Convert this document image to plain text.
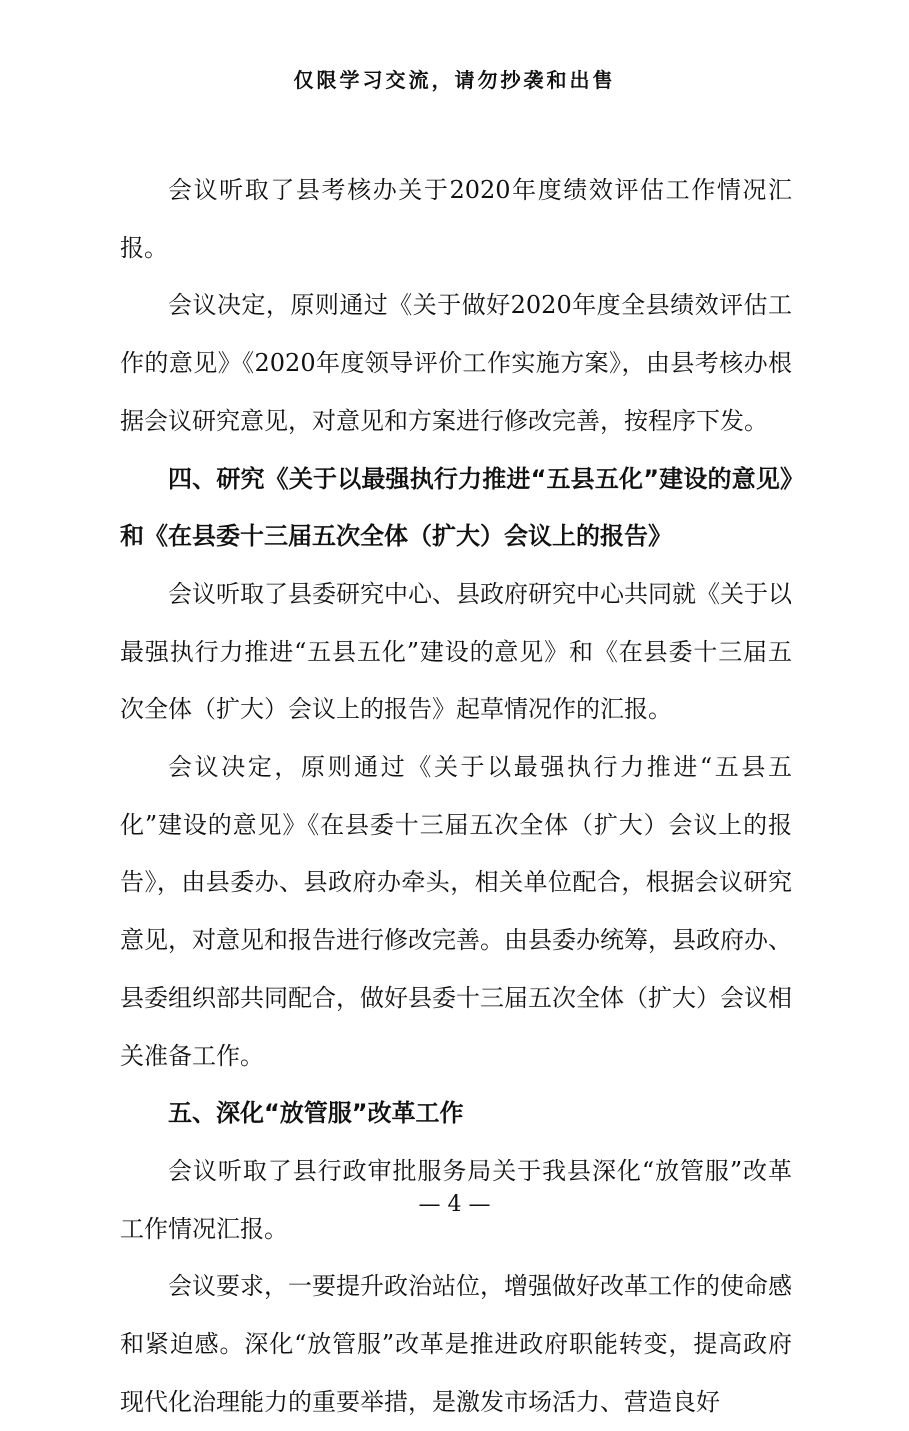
仅限学习交流，请勿抄袭和出售

会议听取了县考核办关于2020年度绩效评估工作情况汇报。

会议决定，原则通过《关于做好2020年度全县绩效评估工作的意见》《2020年度领导评价工作实施方案》，由县考核办根据会议研究意见，对意见和方案进行修改完善，按程序下发。

四、研究《关于以最强执行力推进“五县五化”建设的意见》和《在县委十三届五次全体（扩大）会议上的报告》

会议听取了县委研究中心、县政府研究中心共同就《关于以最强执行力推进“五县五化”建设的意见》和《在县委十三届五次全体（扩大）会议上的报告》起草情况作的汇报。

会议决定，原则通过《关于以最强执行力推进“五县五化”建设的意见》《在县委十三届五次全体（扩大）会议上的报告》，由县委办、县政府办牵头，相关单位配合，根据会议研究意见，对意见和报告进行修改完善。由县委办统筹，县政府办、县委组织部共同配合，做好县委十三届五次全体（扩大）会议相关准备工作。

五、深化“放管服”改革工作

会议听取了县行政审批服务局关于我县深化“放管服”改革工作情况汇报。

会议要求，一要提升政治站位，增强做好改革工作的使命感和紧迫感。深化“放管服”改革是推进政府职能转变，提高政府现代化治理能力的重要举措，是激发市场活力、营造良好

— 4 —
